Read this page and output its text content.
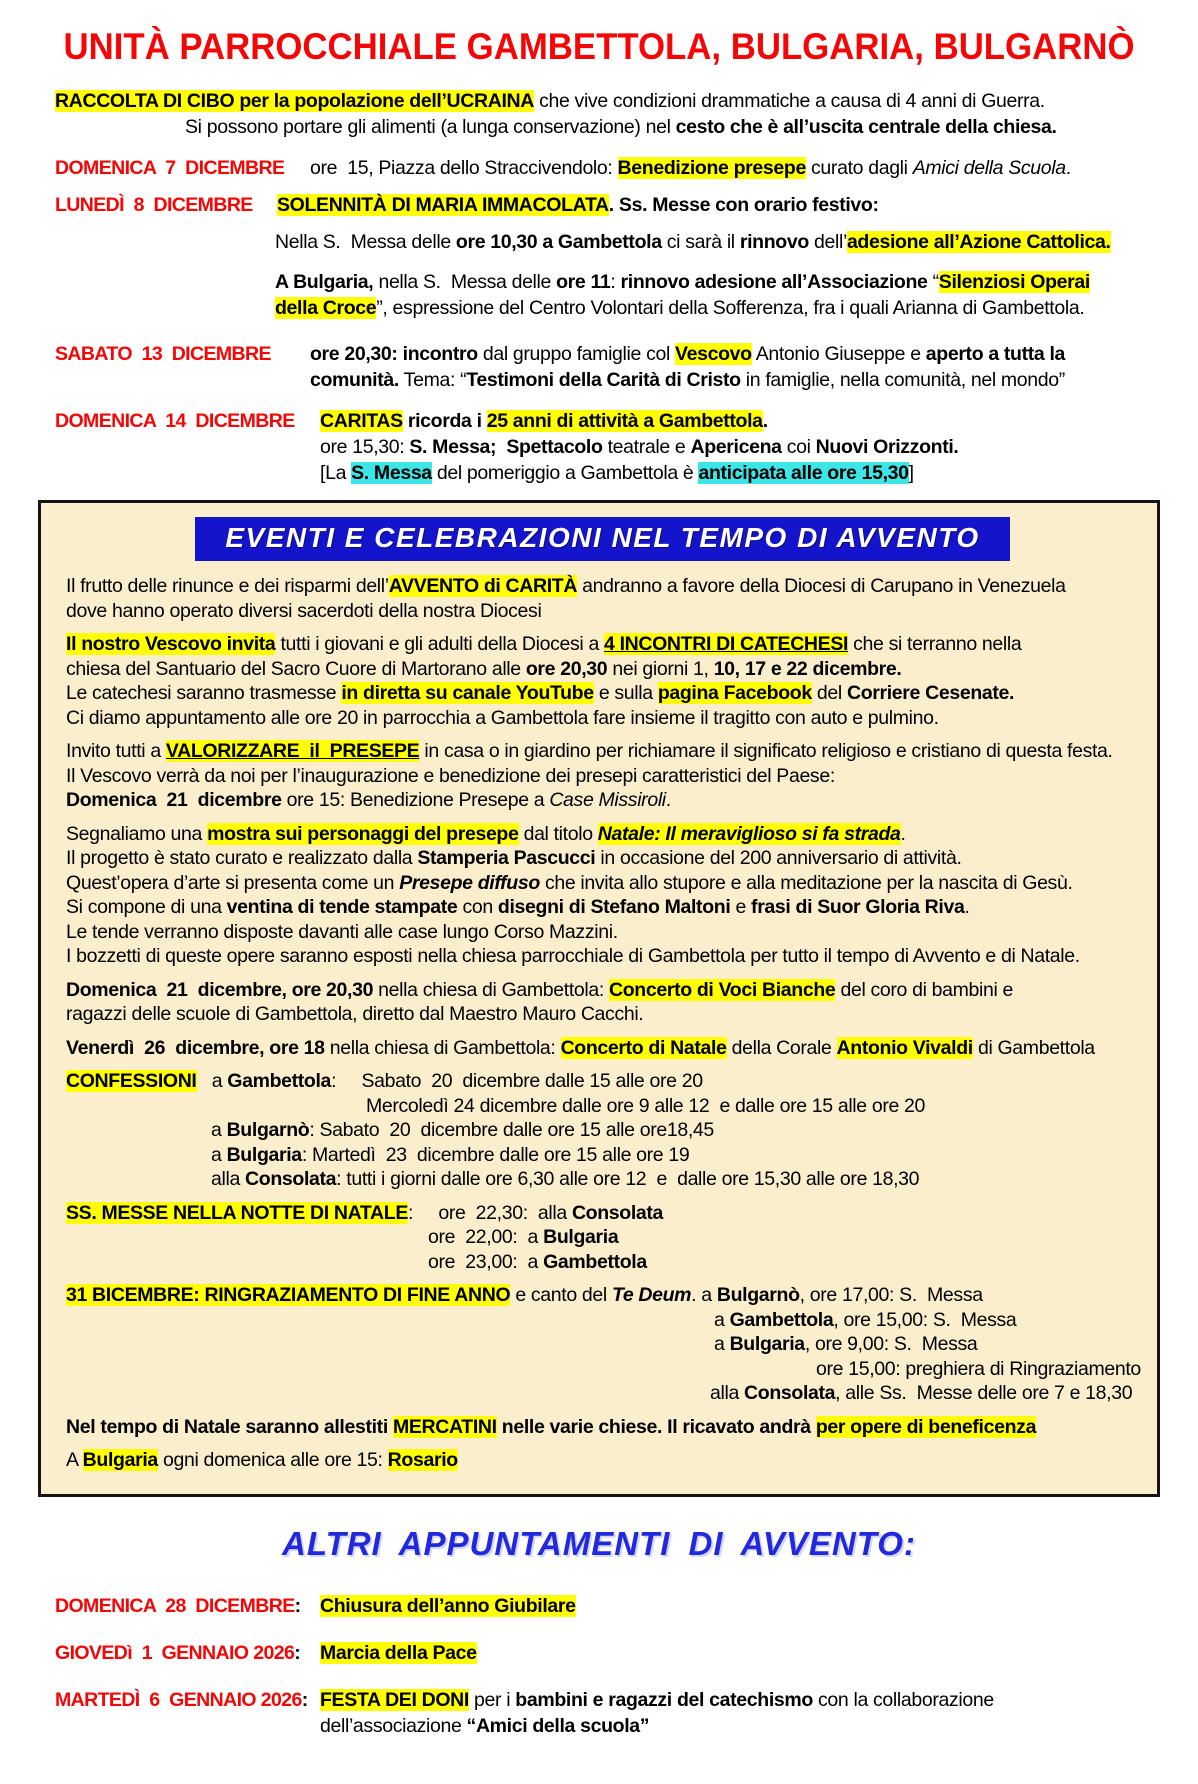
UNITÀ PARROCCHIALE GAMBETTOLA, BULGARIA, BULGARNÒ
RACCOLTA DI CIBO per la popolazione dell’UCRAINA che vive condizioni drammatiche a causa di 4 anni di Guerra.
Si possono portare gli alimenti (a lunga conservazione) nel cesto che è all’uscita centrale della chiesa.
DOMENICA  7  DICEMBRE ore  15, Piazza dello Straccivendolo: Benedizione presepe curato dagli Amici della Scuola.
LUNEDÌ  8  DICEMBRE SOLENNITÀ DI MARIA IMMACOLATA. Ss. Messe con orario festivo:
Nella S.  Messa delle ore 10,30 a Gambettola ci sarà il rinnovo dell’adesione all’Azione Cattolica.
A Bulgaria, nella S.  Messa delle ore 11: rinnovo adesione all’Associazione “Silenziosi Operai
della Croce”, espressione del Centro Volontari della Sofferenza, fra i quali Arianna di Gambettola.
SABATO  13  DICEMBRE ore 20,30: incontro dal gruppo famiglie col Vescovo Antonio Giuseppe e aperto a tutta la
comunità. Tema: “Testimoni della Carità di Cristo in famiglie, nella comunità, nel mondo”
DOMENICA  14  DICEMBRE CARITAS ricorda i 25 anni di attività a Gambettola.
ore 15,30: S. Messa;  Spettacolo teatrale e Apericena coi Nuovi Orizzonti.
[La S. Messa del pomeriggio a Gambettola è anticipata alle ore 15,30]
EVENTI E CELEBRAZIONI NEL TEMPO DI AVVENTO
Il frutto delle rinunce e dei risparmi dell’AVVENTO di CARITÀ andranno a favore della Diocesi di Carupano in Venezuela
dove hanno operato diversi sacerdoti della nostra Diocesi
Il nostro Vescovo invita tutti i giovani e gli adulti della Diocesi a 4 INCONTRI DI CATECHESI che si terranno nella
chiesa del Santuario del Sacro Cuore di Martorano alle ore 20,30 nei giorni 1, 10, 17 e 22 dicembre.
Le catechesi saranno trasmesse in diretta su canale YouTube e sulla pagina Facebook del Corriere Cesenate.
Ci diamo appuntamento alle ore 20 in parrocchia a Gambettola fare insieme il tragitto con auto e pulmino.
Invito tutti a VALORIZZARE  il  PRESEPE in casa o in giardino per richiamare il significato religioso e cristiano di questa festa.
Il Vescovo verrà da noi per l’inaugurazione e benedizione dei presepi caratteristici del Paese:
Domenica  21  dicembre ore 15: Benedizione Presepe a Case Missiroli.
Segnaliamo una mostra sui personaggi del presepe dal titolo Natale: Il meraviglioso si fa strada.
Il progetto è stato curato e realizzato dalla Stamperia Pascucci in occasione del 200 anniversario di attività.
Quest’opera d’arte si presenta come un Presepe diffuso che invita allo stupore e alla meditazione per la nascita di Gesù.
Si compone di una ventina di tende stampate con disegni di Stefano Maltoni e frasi di Suor Gloria Riva.
Le tende verranno disposte davanti alle case lungo Corso Mazzini.
I bozzetti di queste opere saranno esposti nella chiesa parrocchiale di Gambettola per tutto il tempo di Avvento e di Natale.
Domenica  21  dicembre, ore 20,30 nella chiesa di Gambettola: Concerto di Voci Bianche del coro di bambini e
ragazzi delle scuole di Gambettola, diretto dal Maestro Mauro Cacchi.
Venerdì  26  dicembre, ore 18 nella chiesa di Gambettola: Concerto di Natale della Corale Antonio Vivaldi di Gambettola
CONFESSIONI   a Gambettola:     Sabato  20  dicembre dalle 15 alle ore 20
Mercoledì 24 dicembre dalle ore 9 alle 12  e dalle ore 15 alle ore 20
a Bulgarnò: Sabato  20  dicembre dalle ore 15 alle ore18,45
a Bulgaria: Martedì  23  dicembre dalle ore 15 alle ore 19
alla Consolata: tutti i giorni dalle ore 6,30 alle ore 12  e  dalle ore 15,30 alle ore 18,30
SS. MESSE NELLA NOTTE DI NATALE:     ore  22,30:  alla Consolata
ore  22,00:  a Bulgaria
ore  23,00:  a Gambettola
31 BICEMBRE: RINGRAZIAMENTO DI FINE ANNO e canto del Te Deum. a Bulgarnò, ore 17,00: S.  Messa
a Gambettola, ore 15,00: S.  Messa
a Bulgaria, ore 9,00: S.  Messa
ore 15,00: preghiera di Ringraziamento
alla Consolata, alle Ss.  Messe delle ore 7 e 18,30
Nel tempo di Natale saranno allestiti MERCATINI nelle varie chiese. Il ricavato andrà per opere di beneficenza
A Bulgaria ogni domenica alle ore 15: Rosario
ALTRI APPUNTAMENTI DI AVVENTO:
DOMENICA  28  DICEMBRE: Chiusura dell’anno Giubilare
GIOVEDì  1  GENNAIO 2026: Marcia della Pace
MARTEDÌ  6  GENNAIO 2026: FESTA DEI DONI per i bambini e ragazzi del catechismo con la collaborazione
dell’associazione “Amici della scuola”
